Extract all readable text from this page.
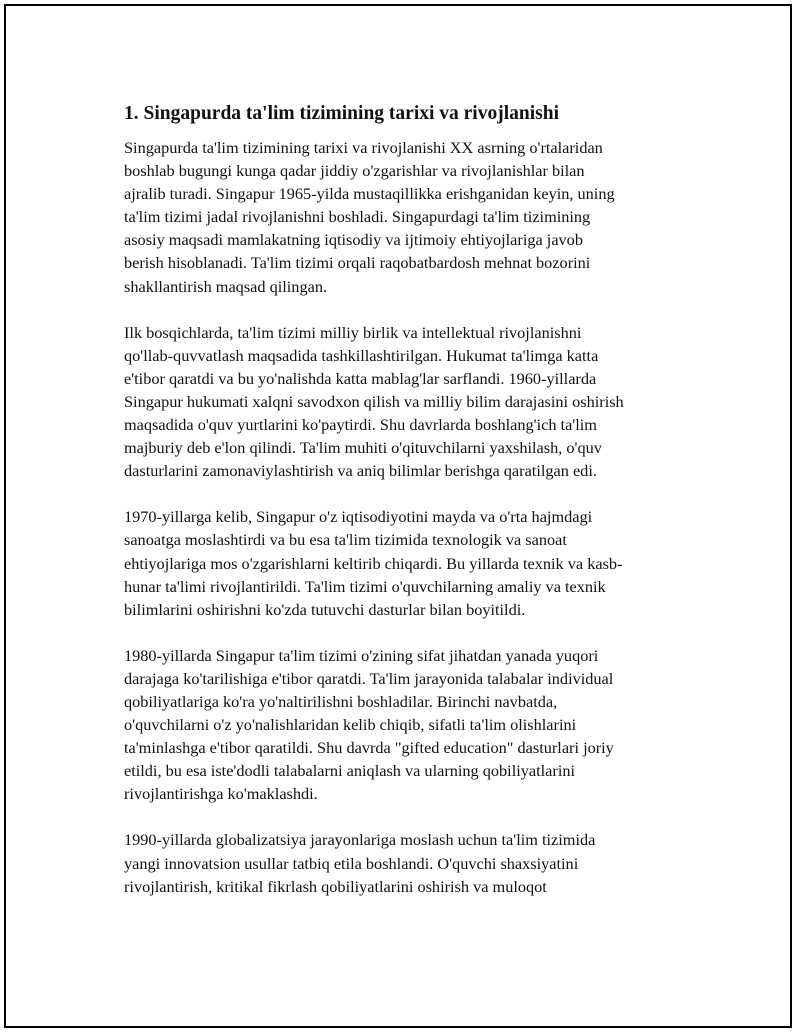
1. Singapurda ta'lim tizimining tarixi va rivojlanishi

Singapurda ta'lim tizimining tarixi va rivojlanishi XX asrning o'rtalaridan
boshlab bugungi kunga qadar jiddiy o'zgarishlar va rivojlanishlar bilan
ajralib turadi. Singapur 1965-yilda mustaqillikka erishganidan keyin, uning
ta'lim tizimi jadal rivojlanishni boshladi. Singapurdagi ta'lim tizimining
asosiy maqsadi mamlakatning iqtisodiy va ijtimoiy ehtiyojlariga javob
berish hisoblanadi. Ta'lim tizimi orqali raqobatbardosh mehnat bozorini
shakllantirish maqsad qilingan.

Ilk bosqichlarda, ta'lim tizimi milliy birlik va intellektual rivojlanishni
qo'llab-quvvatlash maqsadida tashkillashtirilgan. Hukumat ta'limga katta
e'tibor qaratdi va bu yo'nalishda katta mablag'lar sarflandi. 1960-yillarda
Singapur hukumati xalqni savodxon qilish va milliy bilim darajasini oshirish
maqsadida o'quv yurtlarini ko'paytirdi. Shu davrlarda boshlang'ich ta'lim
majburiy deb e'lon qilindi. Ta'lim muhiti o'qituvchilarni yaxshilash, o'quv
dasturlarini zamonaviylashtirish va aniq bilimlar berishga qaratilgan edi.

1970-yillarga kelib, Singapur o'z iqtisodiyotini mayda va o'rta hajmdagi
sanoatga moslashtirdi va bu esa ta'lim tizimida texnologik va sanoat
ehtiyojlariga mos o'zgarishlarni keltirib chiqardi. Bu yillarda texnik va kasb-
hunar ta'limi rivojlantirildi. Ta'lim tizimi o'quvchilarning amaliy va texnik
bilimlarini oshirishni ko'zda tutuvchi dasturlar bilan boyitildi.

1980-yillarda Singapur ta'lim tizimi o'zining sifat jihatdan yanada yuqori
darajaga ko'tarilishiga e'tibor qaratdi. Ta'lim jarayonida talabalar individual
qobiliyatlariga ko'ra yo'naltirilishni boshladilar. Birinchi navbatda,
o'quvchilarni o'z yo'nalishlaridan kelib chiqib, sifatli ta'lim olishlarini
ta'minlashga e'tibor qaratildi. Shu davrda "gifted education" dasturlari joriy
etildi, bu esa iste'dodli talabalarni aniqlash va ularning qobiliyatlarini
rivojlantirishga ko'maklashdi.

1990-yillarda globalizatsiya jarayonlariga moslash uchun ta'lim tizimida
yangi innovatsion usullar tatbiq etila boshlandi. O'quvchi shaxsiyatini
rivojlantirish, kritikal fikrlash qobiliyatlarini oshirish va muloqot
